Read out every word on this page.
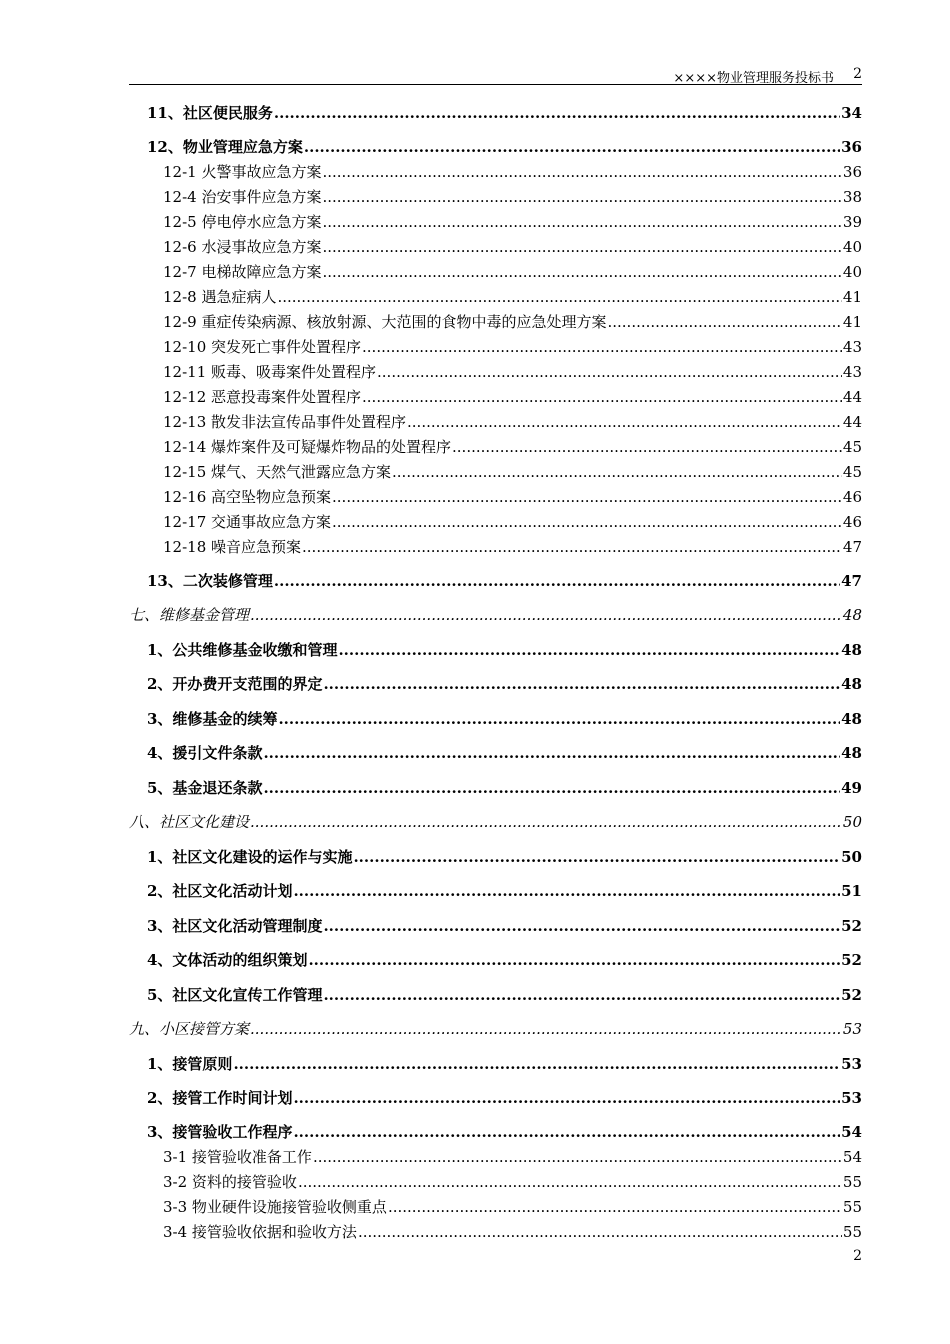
××××物业管理服务投标书 2
11、社区便民服务 .....	34
12、物业管理应急方案 .....	36
12-1 火警事故应急方案 .....	36
12-4 治安事件应急方案 .....	38
12-5 停电停水应急方案 .....	39
12-6 水浸事故应急方案 .....	40
12-7 电梯故障应急方案 .....	40
12-8 遇急症病人 .....	41
12-9 重症传染病源、核放射源、大范围的食物中毒的应急处理方案 .....	41
12-10 突发死亡事件处置程序 .....	43
12-11 贩毒、吸毒案件处置程序 .....	43
12-12 恶意投毒案件处置程序 .....	44
12-13 散发非法宣传品事件处置程序 .....	44
12-14 爆炸案件及可疑爆炸物品的处置程序 .....	45
12-15 煤气、天然气泄露应急方案 .....	45
12-16 高空坠物应急预案 .....	46
12-17 交通事故应急方案 .....	46
12-18 噪音应急预案 .....	47
13、二次装修管理 .....	47
七、维修基金管理 .....	48
1、公共维修基金收缴和管理 .....	48
2、开办费开支范围的界定 .....	48
3、维修基金的续筹 .....	48
4、援引文件条款 .....	48
5、基金退还条款 .....	49
八、社区文化建设 .....	50
1、社区文化建设的运作与实施 .....	50
2、社区文化活动计划 .....	51
3、社区文化活动管理制度 .....	52
4、文体活动的组织策划 .....	52
5、社区文化宣传工作管理 .....	52
九、小区接管方案 .....	53
1、接管原则 .....	53
2、接管工作时间计划 .....	53
3、接管验收工作程序 .....	54
3-1 接管验收准备工作 .....	54
3-2 资料的接管验收 .....	55
3-3 物业硬件设施接管验收侧重点 .....	55
3-4 接管验收依据和验收方法 .....	55
2
